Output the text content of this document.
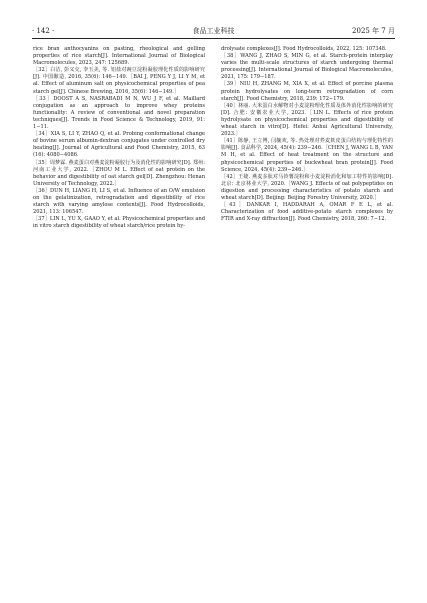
· 142 ·	食品工业科技	2025 年 7 月

rice bran anthocyanins on pasting, rheological and gelling properties of rice starch[J]. International Journal of Biological Macromolecules, 2023, 247: 125689.

［32］白洁, 彭义交, 李玉美, 等. 铝盐对豌豆淀粉凝胶理化性质的影响研究[J]. 中国酿造, 2016, 35(6): 146−149.［BAI J, PENG Y J, LI Y M, et al. Effect of aluminum salt on physicochemical properties of pea starch gel[J]. Chinese Brewing, 2016, 35(6): 146−149.］

［33］DOOST A S, NASRABADI M N, WU J F, et al. Maillard conjugation as an approach to improve whey proteins functionality: A review of conventional and novel preparation techniques[J]. Trends in Food Science & Technology, 2019, 91: 1−11.

［34］XIA S, LI Y, ZHAO Q, et al. Probing conformational change of bovine serum albumin-dextran conjugates under controlled dry heating[J]. Journal of Agricultural and Food Chemistry, 2015, 63 (16): 4080−4086.

［35］周梦霖. 燕麦蛋白对燕麦淀粉凝胶行为及消化性的影响研究[D]. 郑州: 河南工业大学, 2022.［ZHOU M L. Effect of oat protein on the behavior and digestibility of oat starch gel[D]. Zhengzhou: Henan University of Technology, 2022.］

［36］DUN H, LIANG H, LI S, et al. Influence of an O/W emulsion on the gelatinization, retrogradation and digestibility of rice starch with varying amylose contents[J]. Food Hydrocolloids, 2021, 113: 106547.

［37］LIN L, YU X, GAAO Y, et al. Physicochemical properties and in vitro starch digestibility of wheat starch/rice protein hy-

drolysate complexes[J]. Food Hydrocolloids, 2022, 125: 107348.

［38］WANG J, ZHAO S, MIN G, et al. Starch-protein interplay varies the multi-scale structures of starch undergoing thermal processing[J]. International Journal of Biological Macromolecules, 2021, 175: 179−187.

［39］NIU H, ZHANG M, XIA X, et al. Effect of porcine plasma protein hydrolysates on long-term retrogradation of corn starch[J]. Food Chemistry, 2018, 239: 172−179.

［40］林丽. 大米蛋白水解物对小麦淀粉理化性质及体外消化性影响的研究[D]. 合肥: 安徽农业大学, 2023.［LIN L. Effects of rice protein hydrolysate on physicochemical properties and digestibility of wheat starch in vitro[D]. Hefei: Anhui Agricultural University, 2023.］

［41］陈静, 王立博, 闫毓欢, 等. 热处理对荞麦麸皮蛋白结构与理化特性的影响[J]. 食品科学, 2024, 45(4): 239−246.［CHEN J, WANG L B, YAN M H, et al. Effect of heat treatment on the structure and physicochemical properties of buckwheat bran protein[J]. Food Science, 2024, 45(4): 239−246.］

［42］王婕. 燕麦多肽对马铃薯淀粉和小麦淀粉消化和加工特性的影响[D]. 北京: 北京林业大学, 2020.［WANG J. Effects of oat polypeptides on digestion and processing characteristics of potato starch and wheat starch[D]. Beijing: Beijing Forestry University, 2020.］

［43］DANKAR I, HADDARAH A, OMAR F E L, et al. Characterization of food additive-potato starch complexes by FTIR and X-ray diffraction[J]. Food Chemistry, 2018, 260: 7−12.
